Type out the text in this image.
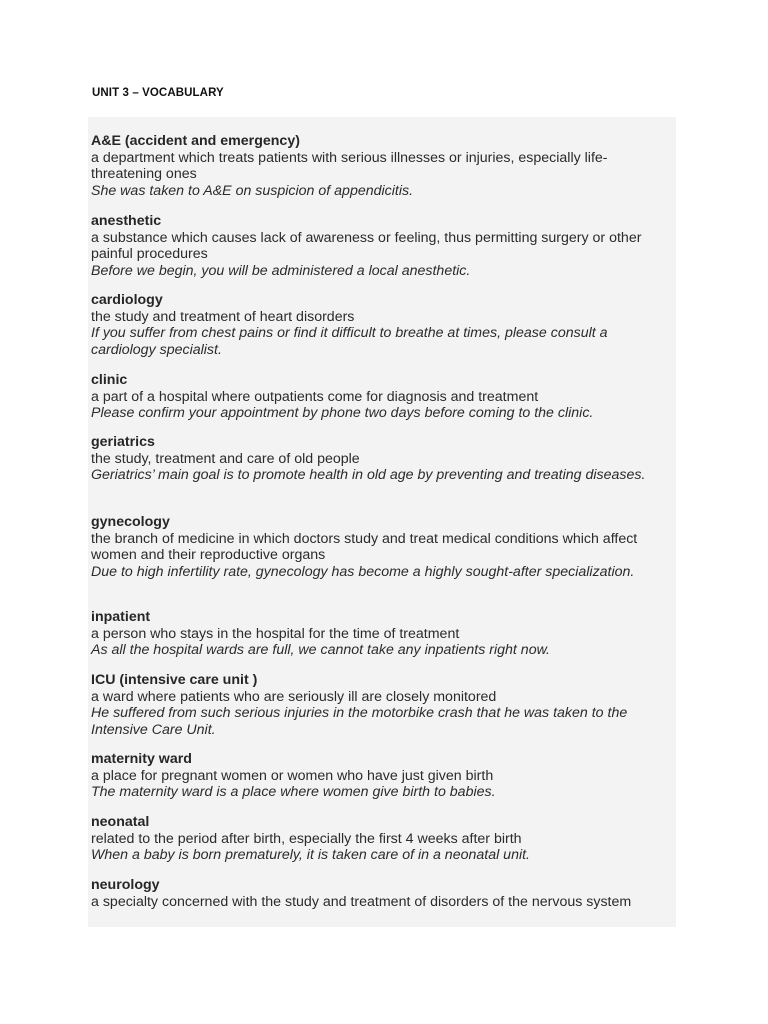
UNIT 3 – VOCABULARY
A&E (accident and emergency)
a department which treats patients with serious illnesses or injuries, especially life-threatening ones
She was taken to A&E on suspicion of appendicitis.
anesthetic
a substance which causes lack of awareness or feeling, thus permitting surgery or other painful procedures
Before we begin, you will be administered a local anesthetic.
cardiology
the study and treatment of heart disorders
If you suffer from chest pains or find it difficult to breathe at times, please consult a cardiology specialist.
clinic
a part of a hospital where outpatients come for diagnosis and treatment
Please confirm your appointment by phone two days before coming to the clinic.
geriatrics
the study, treatment and care of old people
Geriatrics’ main goal is to promote health in old age by preventing and treating diseases.
gynecology
the branch of medicine in which doctors study and treat medical conditions which affect women and their reproductive organs
Due to high infertility rate, gynecology has become a highly sought-after specialization.
inpatient
a person who stays in the hospital for the time of treatment
As all the hospital wards are full, we cannot take any inpatients right now.
ICU (intensive care unit )
a ward where patients who are seriously ill are closely monitored
He suffered from such serious injuries in the motorbike crash that he was taken to the Intensive Care Unit.
maternity ward
a place for pregnant women or women who have just given birth
The maternity ward is a place where women give birth to babies.
neonatal
related to the period after birth, especially the first 4 weeks after birth
When a baby is born prematurely, it is taken care of in a neonatal unit.
neurology
a specialty concerned with the study and treatment of disorders of the nervous system
